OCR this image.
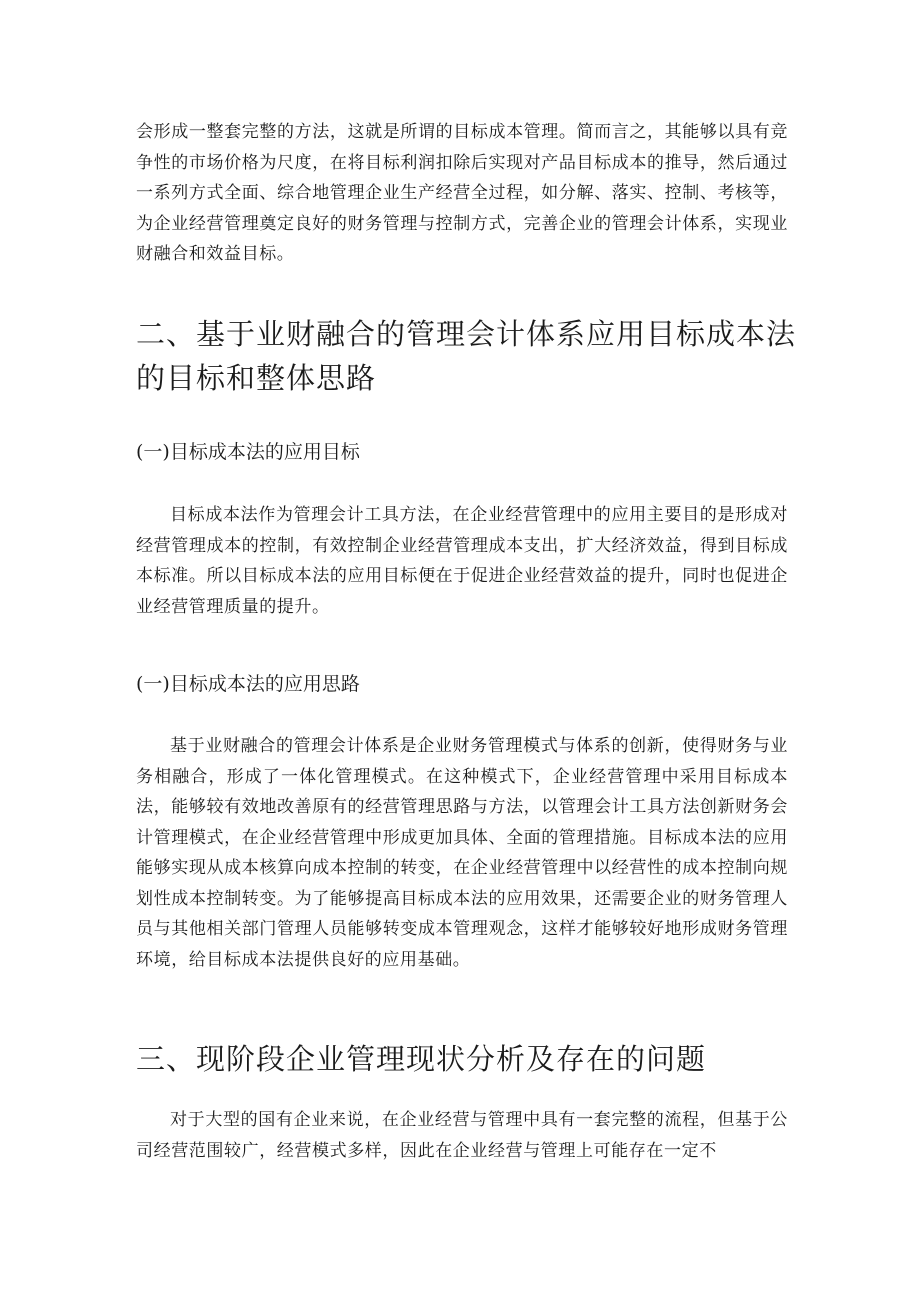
会形成一整套完整的方法，这就是所谓的目标成本管理。简而言之，其能够以具有竞争性的市场价格为尺度，在将目标利润扣除后实现对产品目标成本的推导，然后通过一系列方式全面、综合地管理企业生产经营全过程，如分解、落实、控制、考核等，为企业经营管理奠定良好的财务管理与控制方式，完善企业的管理会计体系，实现业财融合和效益目标。

二、基于业财融合的管理会计体系应用目标成本法的目标和整体思路
(一)目标成本法的应用目标

目标成本法作为管理会计工具方法，在企业经营管理中的应用主要目的是形成对经营管理成本的控制，有效控制企业经营管理成本支出，扩大经济效益，得到目标成本标准。所以目标成本法的应用目标便在于促进企业经营效益的提升，同时也促进企业经营管理质量的提升。

(一)目标成本法的应用思路

基于业财融合的管理会计体系是企业财务管理模式与体系的创新，使得财务与业务相融合，形成了一体化管理模式。在这种模式下，企业经营管理中采用目标成本法，能够较有效地改善原有的经营管理思路与方法，以管理会计工具方法创新财务会计管理模式，在企业经营管理中形成更加具体、全面的管理措施。目标成本法的应用能够实现从成本核算向成本控制的转变，在企业经营管理中以经营性的成本控制向规划性成本控制转变。为了能够提高目标成本法的应用效果，还需要企业的财务管理人员与其他相关部门管理人员能够转变成本管理观念，这样才能够较好地形成财务管理环境，给目标成本法提供良好的应用基础。

三、现阶段企业管理现状分析及存在的问题

对于大型的国有企业来说，在企业经营与管理中具有一套完整的流程，但基于公司经营范围较广，经营模式多样，因此在企业经营与管理上可能存在一定不
